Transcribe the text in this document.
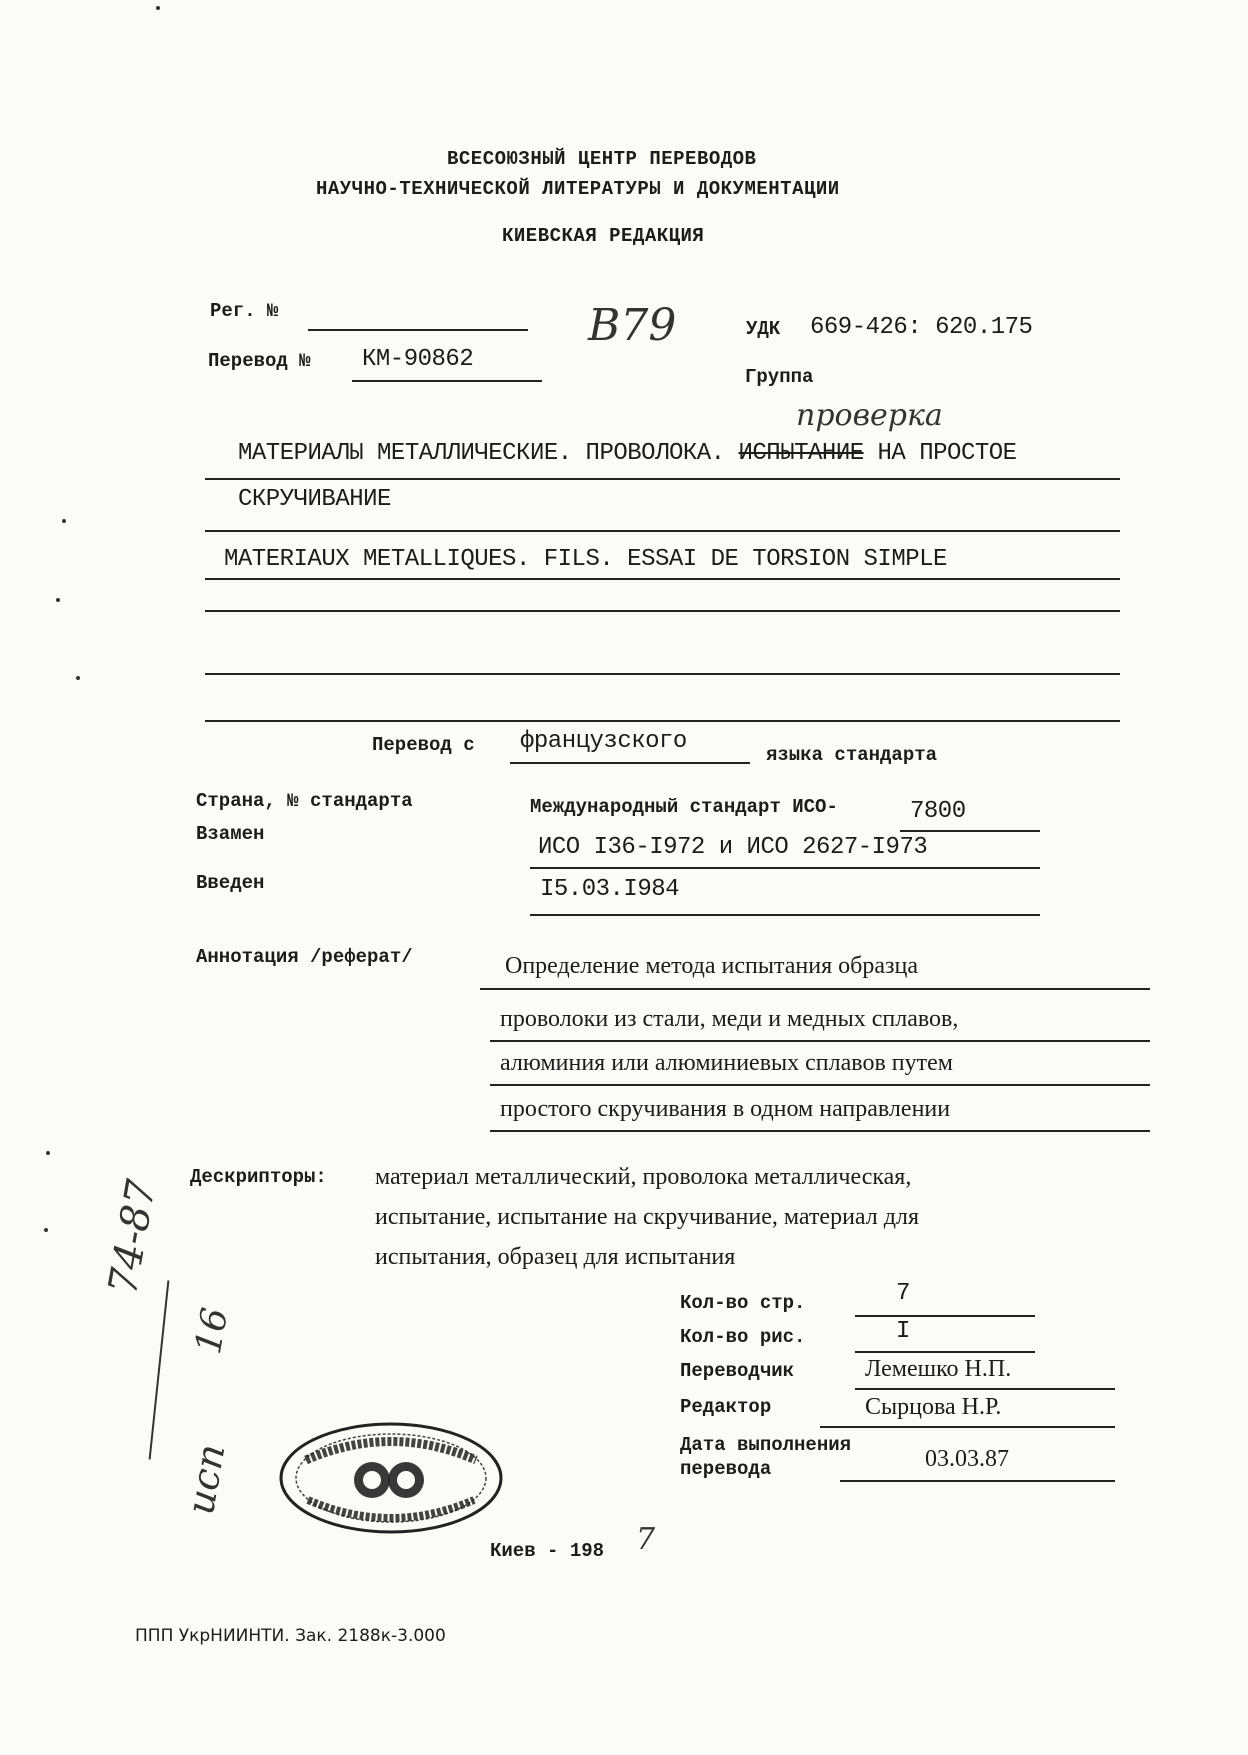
ВСЕСОЮЗНЫЙ ЦЕНТР ПЕРЕВОДОВ
НАУЧНО-ТЕХНИЧЕСКОЙ ЛИТЕРАТУРЫ И ДОКУМЕНТАЦИИ
КИЕВСКАЯ РЕДАКЦИЯ
Рег. №	B79
Перевод № КМ-90862
УДК 669-426: 620.175
Группа
проверка
МАТЕРИАЛЫ МЕТАЛЛИЧЕСКИЕ. ПРОВОЛОКА. ИСПЫТАНИЕ НА ПРОСТОЕ
СКРУЧИВАНИЕ
MATERIAUX METALLIQUES. FILS. ESSAI DE TORSION SIMPLE
Перевод с французского	языка стандарта
Страна, № стандарта	Международный стандарт ИСО-	7800
Взамен	ИСО I36-I972 и ИСО 2627-I973
Введен	I5.03.I984
Аннотация /реферат/	Определение метода испытания образца
проволоки из стали, меди и медных сплавов,
алюминия или алюминиевых сплавов путем
простого скручивания в одном направлении
Дескрипторы: материал металлический, проволока металлическая,
испытание, испытание на скручивание, материал для
испытания, образец для испытания
Кол-во стр.	7
Кол-во рис.	I
Переводчик	Лемешко Н.П.
Редактор	Сырцова Н.Р.
Дата выполнения
перевода	03.03.87
74-87
16
исп
Киев - 198 7
ППП УкрНИИНТИ. Зак. 2188к-3.000
